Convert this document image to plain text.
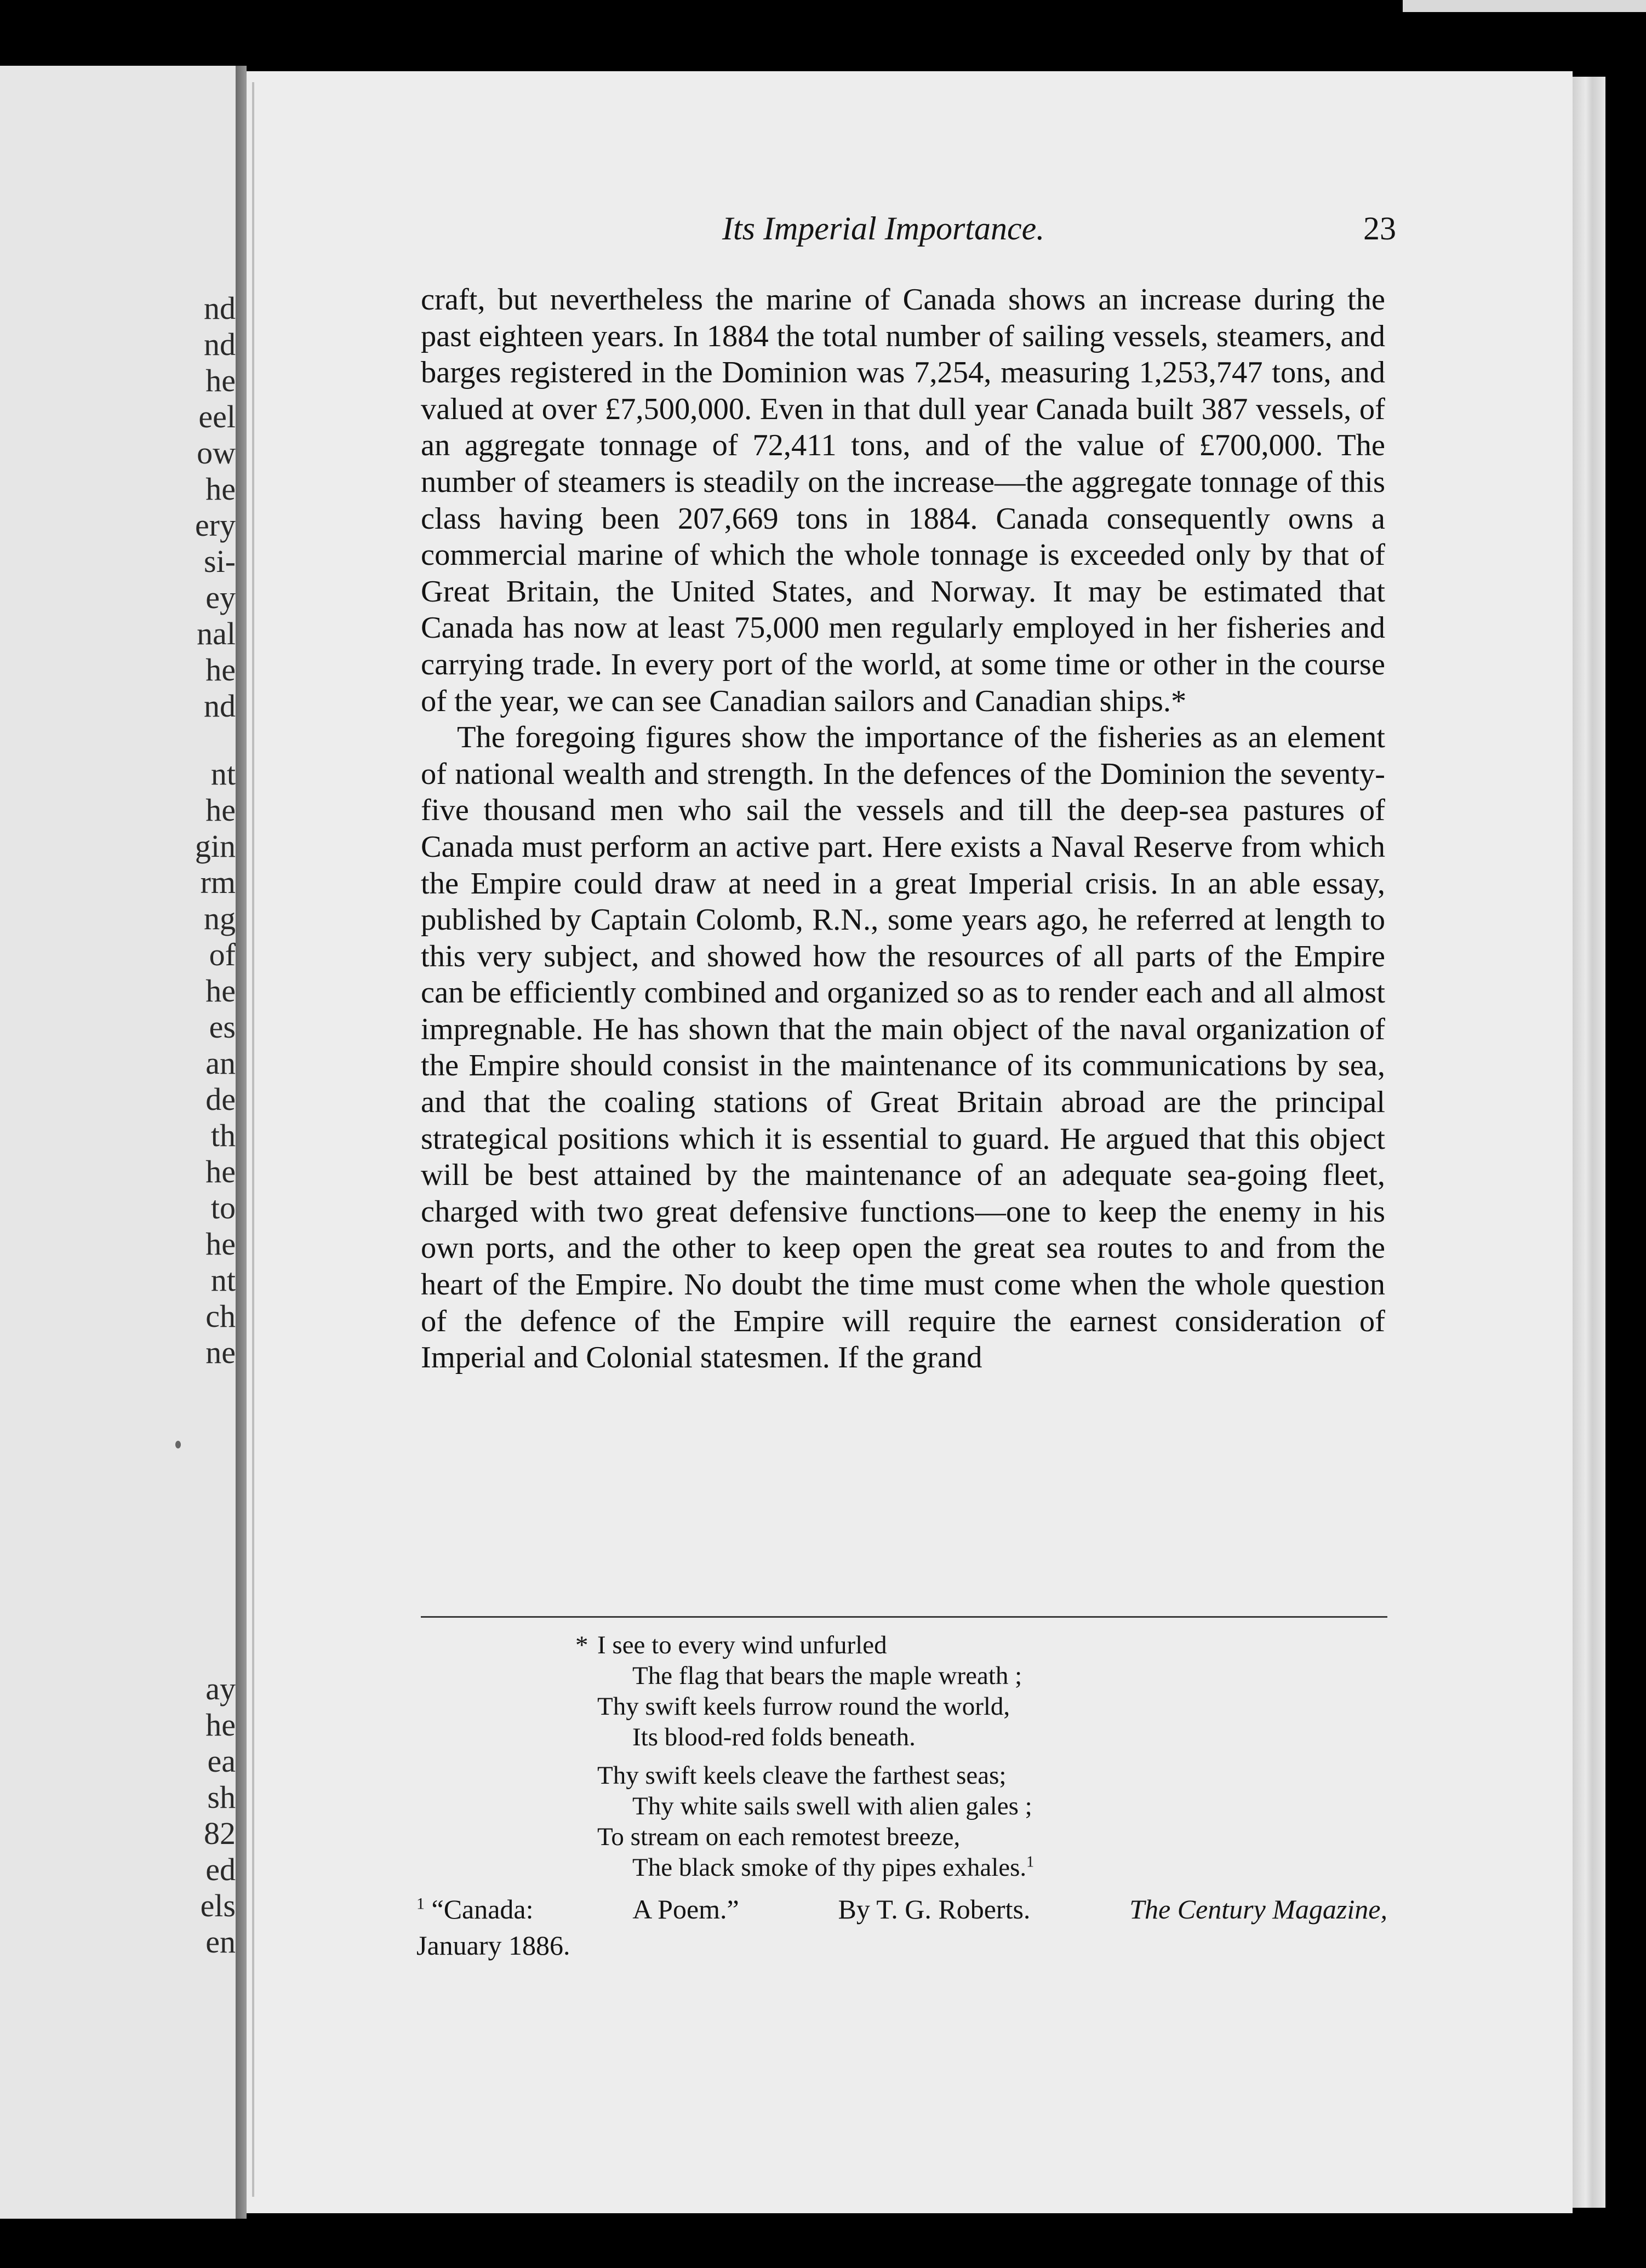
nd
nd
he
eel
ow
he
ery
si-
ey
nal
he
nd
nt
he
gin
rm
ng
of
he
es
an
de
th
he
to
he
nt
ch
ne
ay
he
ea
sh
82
ed
els
en
Its Imperial Importance.	23

craft, but nevertheless the marine of Canada shows an increase during the past eighteen years. In 1884 the total number of sailing vessels, steamers, and barges registered in the Dominion was 7,254, measuring 1,253,747 tons, and valued at over £7,500,000. Even in that dull year Canada built 387 vessels, of an aggregate tonnage of 72,411 tons, and of the value of £700,000. The number of steamers is steadily on the increase—the aggregate tonnage of this class having been 207,669 tons in 1884. Canada consequently owns a commercial marine of which the whole tonnage is exceeded only by that of Great Britain, the United States, and Norway. It may be estimated that Canada has now at least 75,000 men regularly employed in her fisheries and carrying trade. In every port of the world, at some time or other in the course of the year, we can see Canadian sailors and Canadian ships.*

The foregoing figures show the importance of the fisheries as an element of national wealth and strength. In the defences of the Dominion the seventy-five thousand men who sail the vessels and till the deep-sea pastures of Canada must perform an active part. Here exists a Naval Reserve from which the Empire could draw at need in a great Imperial crisis. In an able essay, published by Captain Colomb, R.N., some years ago, he referred at length to this very subject, and showed how the resources of all parts of the Empire can be efficiently combined and organized so as to render each and all almost impregnable. He has shown that the main object of the naval organization of the Empire should consist in the maintenance of its communications by sea, and that the coaling stations of Great Britain abroad are the principal strategical positions which it is essential to guard. He argued that this object will be best attained by the maintenance of an adequate sea-going fleet, charged with two great defensive functions—one to keep the enemy in his own ports, and the other to keep open the great sea routes to and from the heart of the Empire. No doubt the time must come when the whole question of the defence of the Empire will require the earnest consideration of Imperial and Colonial statesmen. If the grand

* I see to every wind unfurled
The flag that bears the maple wreath ;
Thy swift keels furrow round the world,
Its blood-red folds beneath.
Thy swift keels cleave the farthest seas;
Thy white sails swell with alien gales ;
To stream on each remotest breeze,
The black smoke of thy pipes exhales.$^1$
$^1$ “Canada:	A Poem.”	By T. G. Roberts.	The Century Magazine,
January 1886.
